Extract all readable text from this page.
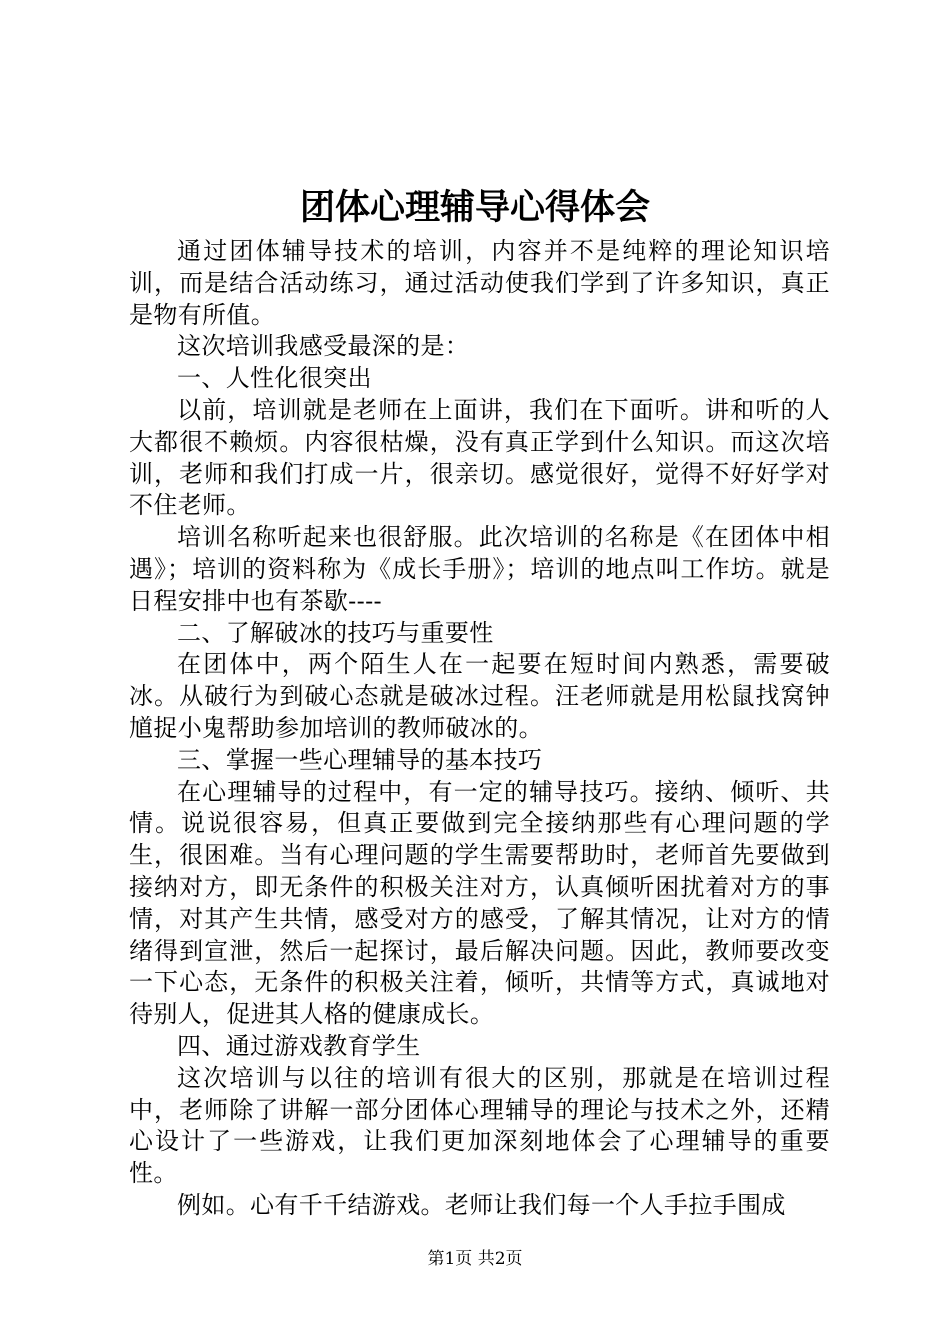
团体心理辅导心得体会

通过团体辅导技术的培训，内容并不是纯粹的理论知识培训，而是结合活动练习，通过活动使我们学到了许多知识，真正是物有所值。

这次培训我感受最深的是：

一、人性化很突出

以前，培训就是老师在上面讲，我们在下面听。讲和听的人大都很不赖烦。内容很枯燥，没有真正学到什么知识。而这次培训，老师和我们打成一片，很亲切。感觉很好，觉得不好好学对不住老师。

培训名称听起来也很舒服。此次培训的名称是《在团体中相遇》；培训的资料称为《成长手册》；培训的地点叫工作坊。就是日程安排中也有茶歇----

二、了解破冰的技巧与重要性

在团体中，两个陌生人在一起要在短时间内熟悉，需要破冰。从破行为到破心态就是破冰过程。汪老师就是用松鼠找窝钟馗捉小鬼帮助参加培训的教师破冰的。

三、掌握一些心理辅导的基本技巧

在心理辅导的过程中，有一定的辅导技巧。接纳、倾听、共情。说说很容易，但真正要做到完全接纳那些有心理问题的学生，很困难。当有心理问题的学生需要帮助时，老师首先要做到接纳对方，即无条件的积极关注对方，认真倾听困扰着对方的事情，对其产生共情，感受对方的感受，了解其情况，让对方的情绪得到宣泄，然后一起探讨，最后解决问题。因此，教师要改变一下心态，无条件的积极关注着，倾听，共情等方式，真诚地对待别人，促进其人格的健康成长。

四、通过游戏教育学生

这次培训与以往的培训有很大的区别，那就是在培训过程中，老师除了讲解一部分团体心理辅导的理论与技术之外，还精心设计了一些游戏，让我们更加深刻地体会了心理辅导的重要性。

例如。心有千千结游戏。老师让我们每一个人手拉手围成

第1页 共2页
